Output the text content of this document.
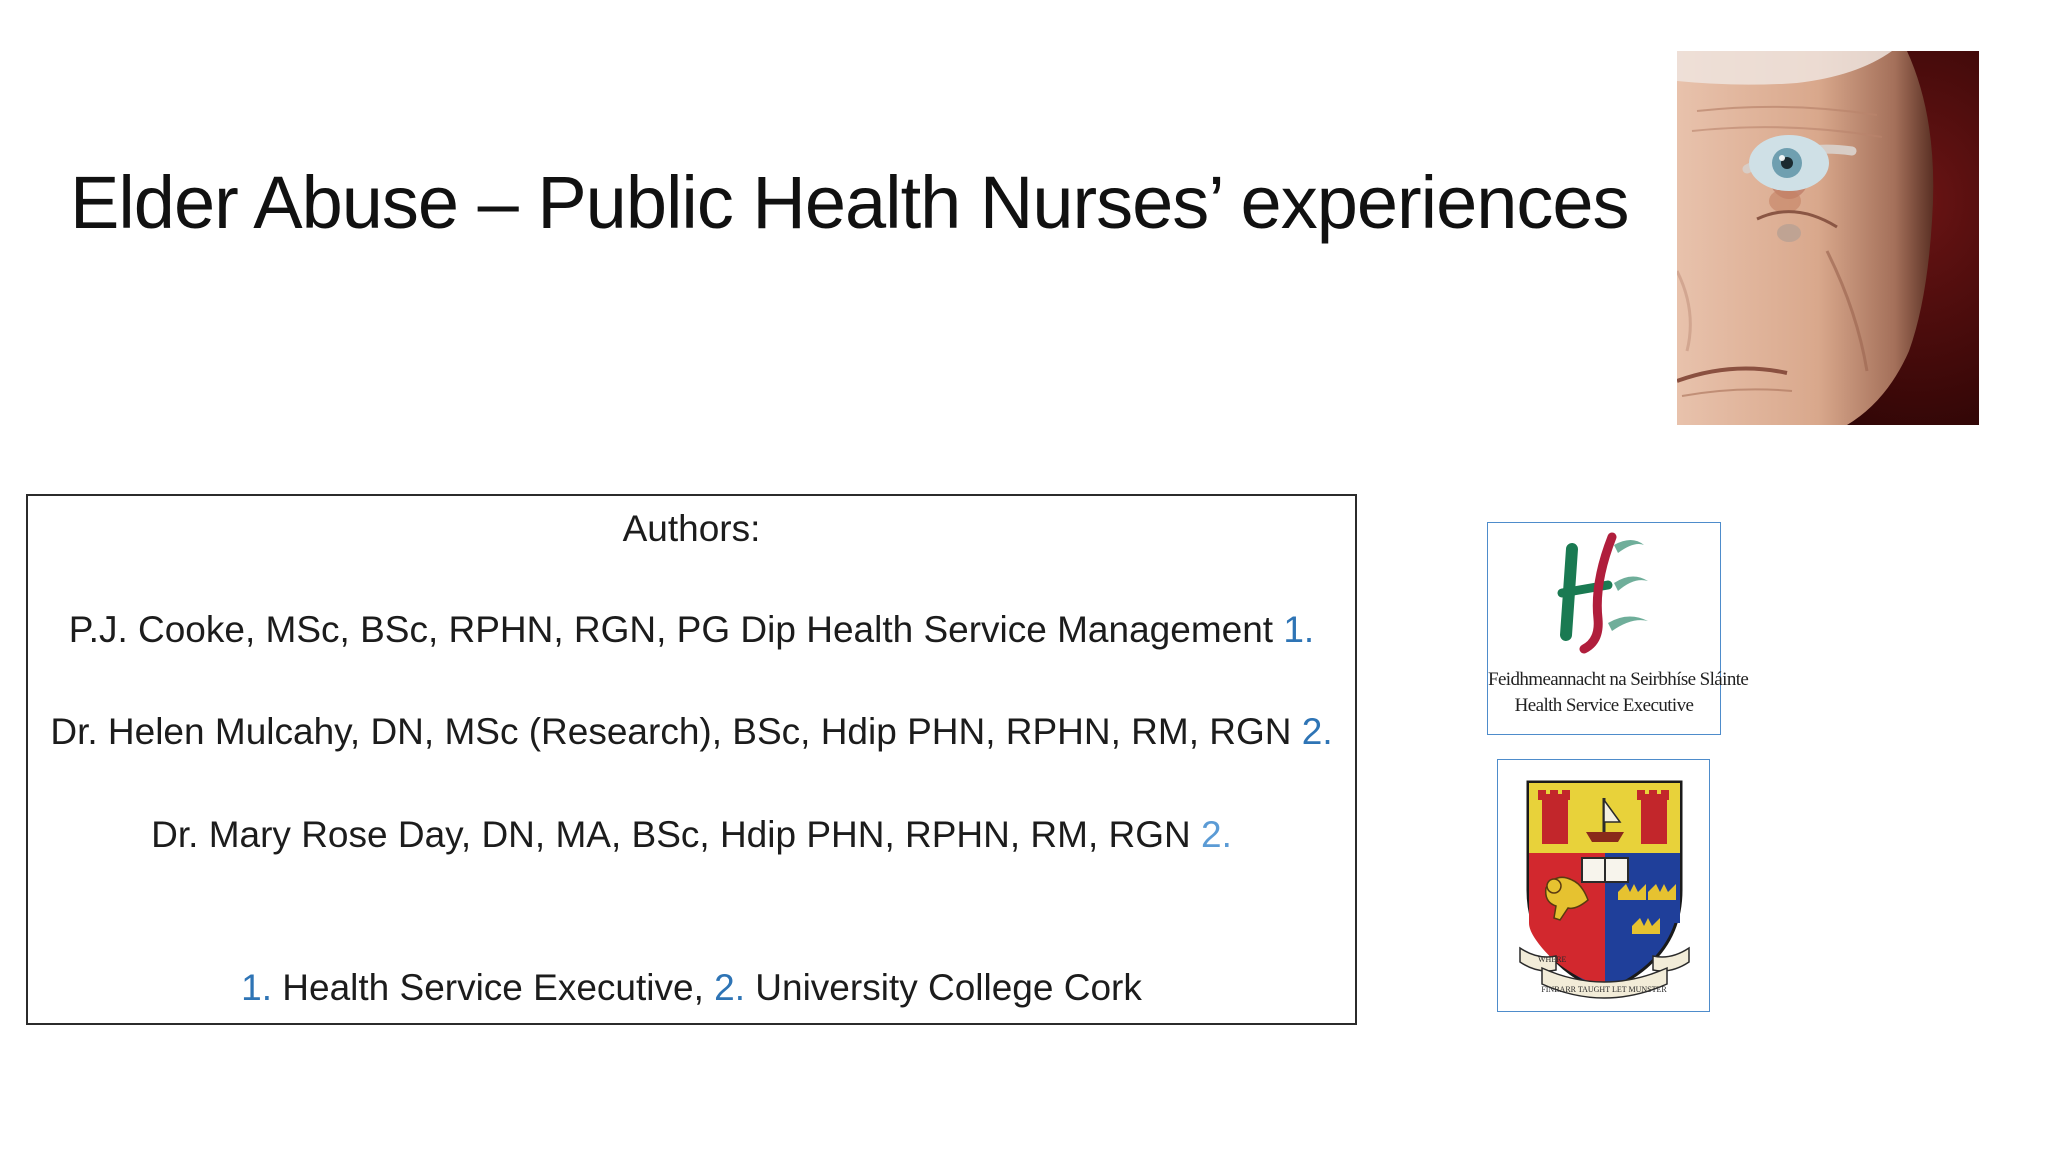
Elder Abuse – Public Health Nurses’ experiences
Authors:
P.J. Cooke, MSc, BSc, RPHN, RGN, PG Dip Health Service Management 1.
Dr. Helen Mulcahy, DN, MSc (Research), BSc, Hdip PHN, RPHN, RM, RGN 2.
Dr. Mary Rose Day, DN, MA, BSc, Hdip PHN, RPHN, RM, RGN 2.
1. Health Service Executive, 2. University College Cork
Feidhmeannacht na Seirbhíse Sláinte
Health Service Executive
WHERE
FINBARR TAUGHT LET MUNSTER
